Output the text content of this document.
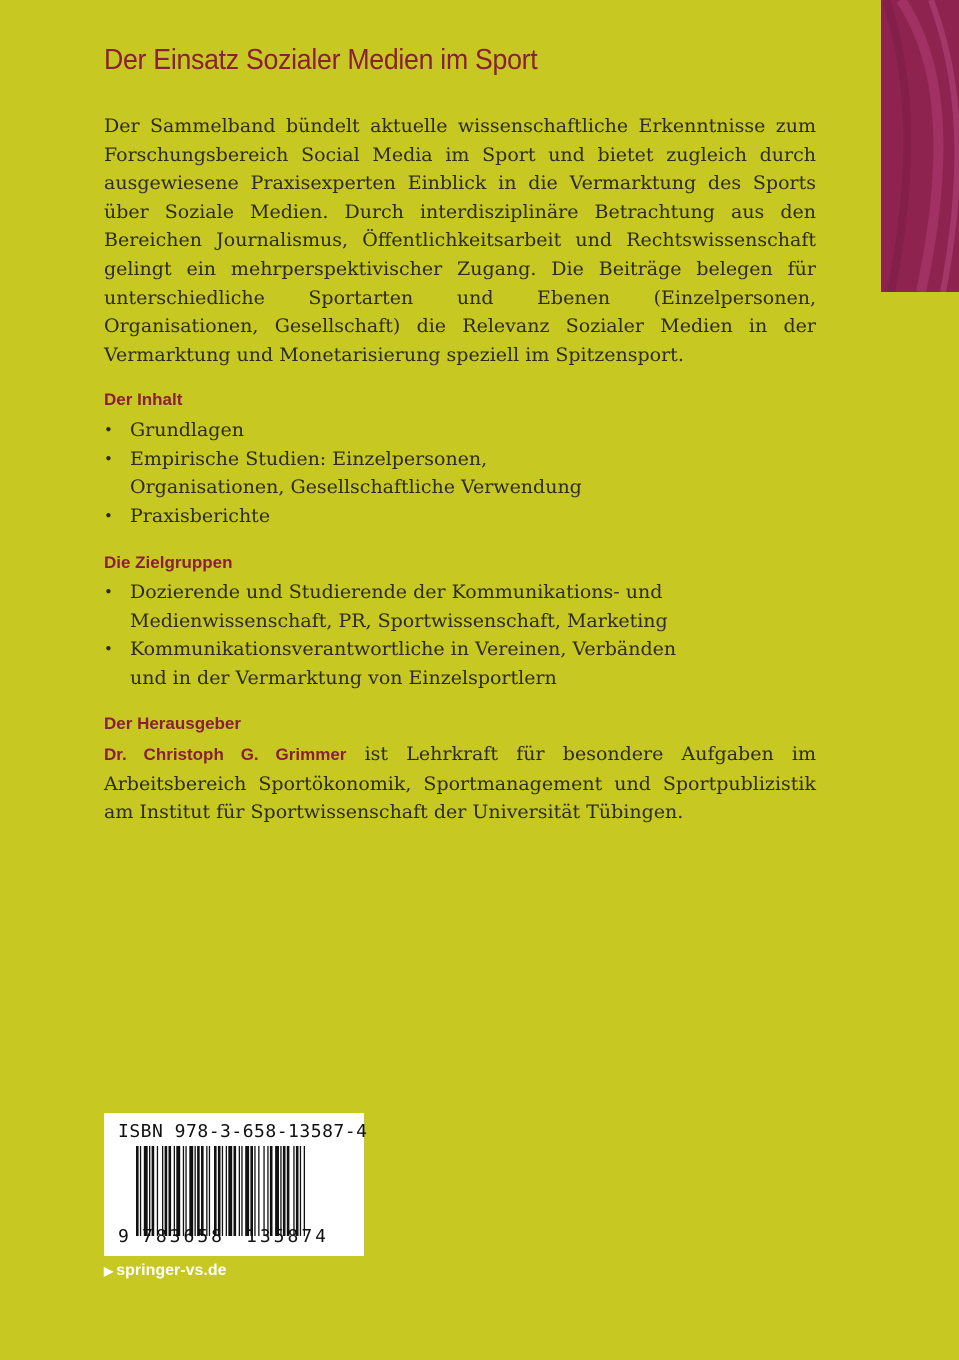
Der Einsatz Sozialer Medien im Sport

Der Sammelband bündelt aktuelle wissenschaftliche Erkenntnisse zum Forschungsbereich Social Media im Sport und bietet zugleich durch ausgewiesene Praxisexperten Einblick in die Vermarktung des Sports über Soziale Medien. Durch interdisziplinäre Betrachtung aus den Bereichen Journalismus, Öffentlichkeitsarbeit und Rechtswissenschaft gelingt ein mehrperspektivischer Zugang. Die Beiträge belegen für unterschiedliche Sportarten und Ebenen (Einzelpersonen, Organisationen, Gesellschaft) die Relevanz Sozialer Medien in der Vermarktung und Monetarisierung speziell im Spitzensport.

Der Inhalt
• Grundlagen
• Empirische Studien: Einzelpersonen, Organisationen, Gesellschaftliche Verwendung
• Praxisberichte
Die Zielgruppen
• Dozierende und Studierende der Kommunikations- und Medienwissenschaft, PR, Sportwissenschaft, Marketing
• Kommunikationsverantwortliche in Vereinen, Verbänden und in der Vermarktung von Einzelsportlern
Der Herausgeber

Dr. Christoph G. Grimmer ist Lehrkraft für besondere Aufgaben im Arbeitsbereich Sportökonomik, Sportmanagement und Sportpublizistik am Institut für Sportwissenschaft der Universität Tübingen.

ISBN 978-3-658-13587-4
9 783658 135874
▶ springer-vs.de
